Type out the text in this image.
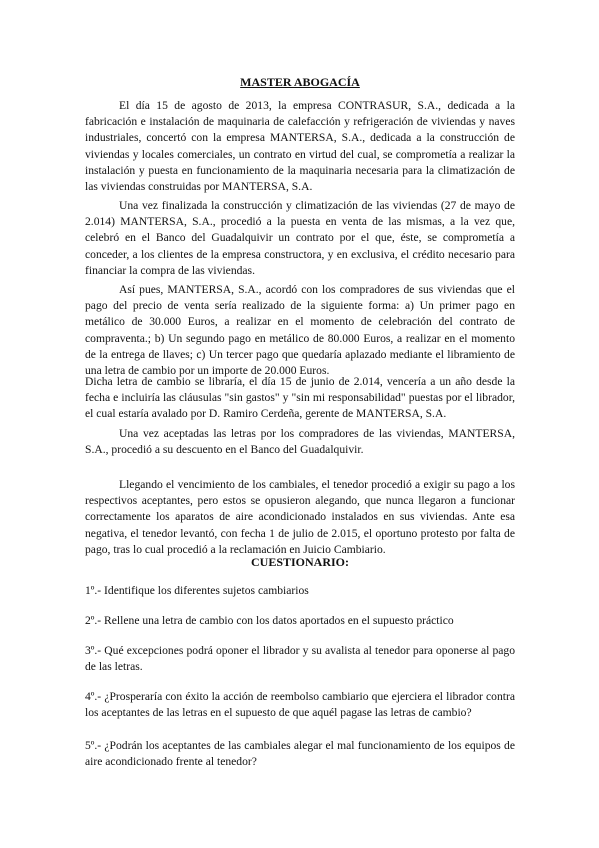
MASTER ABOGACÍA

El día 15 de agosto de 2013, la empresa CONTRASUR, S.A., dedicada a la fabricación e instalación de maquinaria de calefacción y refrigeración de viviendas y naves industriales, concertó con la empresa MANTERSA, S.A., dedicada a la construcción de viviendas y locales comerciales, un contrato en virtud del cual, se comprometía a realizar la instalación y puesta en funcionamiento de la maquinaria necesaria para la climatización de las viviendas construidas por MANTERSA, S.A.

Una vez finalizada la construcción y climatización de las viviendas (27 de mayo de 2.014) MANTERSA, S.A., procedió a la puesta en venta de las mismas, a la vez que, celebró en el Banco del Guadalquivir un contrato por el que, éste, se comprometía a conceder, a los clientes de la empresa constructora, y en exclusiva, el crédito necesario para financiar la compra de las viviendas.

Así pues, MANTERSA, S.A., acordó con los compradores de sus viviendas que el pago del precio de venta sería realizado de la siguiente forma: a) Un primer pago en metálico de 30.000 Euros, a realizar en el momento de celebración del contrato de compraventa.; b) Un segundo pago en metálico de 80.000 Euros, a realizar en el momento de la entrega de llaves; c) Un tercer pago que quedaría aplazado mediante el libramiento de una letra de cambio por un importe de 20.000 Euros.

Dicha letra de cambio se libraría, el día 15 de junio de 2.014, vencería a un año desde la fecha e incluiría las cláusulas "sin gastos" y "sin mi responsabilidad" puestas por el librador, el cual estaría avalado por D. Ramiro Cerdeña, gerente de MANTERSA, S.A.

Una vez aceptadas las letras por los compradores de las viviendas, MANTERSA, S.A., procedió a su descuento en el Banco del Guadalquivir.

Llegando el vencimiento de los cambiales, el tenedor procedió a exigir su pago a los respectivos aceptantes, pero estos se opusieron alegando, que nunca llegaron a funcionar correctamente los aparatos de aire acondicionado instalados en sus viviendas. Ante esa negativa, el tenedor levantó, con fecha 1 de julio de 2.015, el oportuno protesto por falta de pago, tras lo cual procedió a la reclamación en Juicio Cambiario.

CUESTIONARIO:

1º.- Identifique los diferentes sujetos cambiarios

2º.- Rellene una letra de cambio con los datos aportados en el supuesto práctico

3º.- Qué excepciones podrá oponer el librador y su avalista al tenedor para oponerse al pago de las letras.

4º.- ¿Prosperaría con éxito la acción de reembolso cambiario que ejerciera el librador contra los aceptantes de las letras en el supuesto de que aquél pagase las letras de cambio?

5º.- ¿Podrán los aceptantes de las cambiales alegar el mal funcionamiento de los equipos de aire acondicionado frente al tenedor?
